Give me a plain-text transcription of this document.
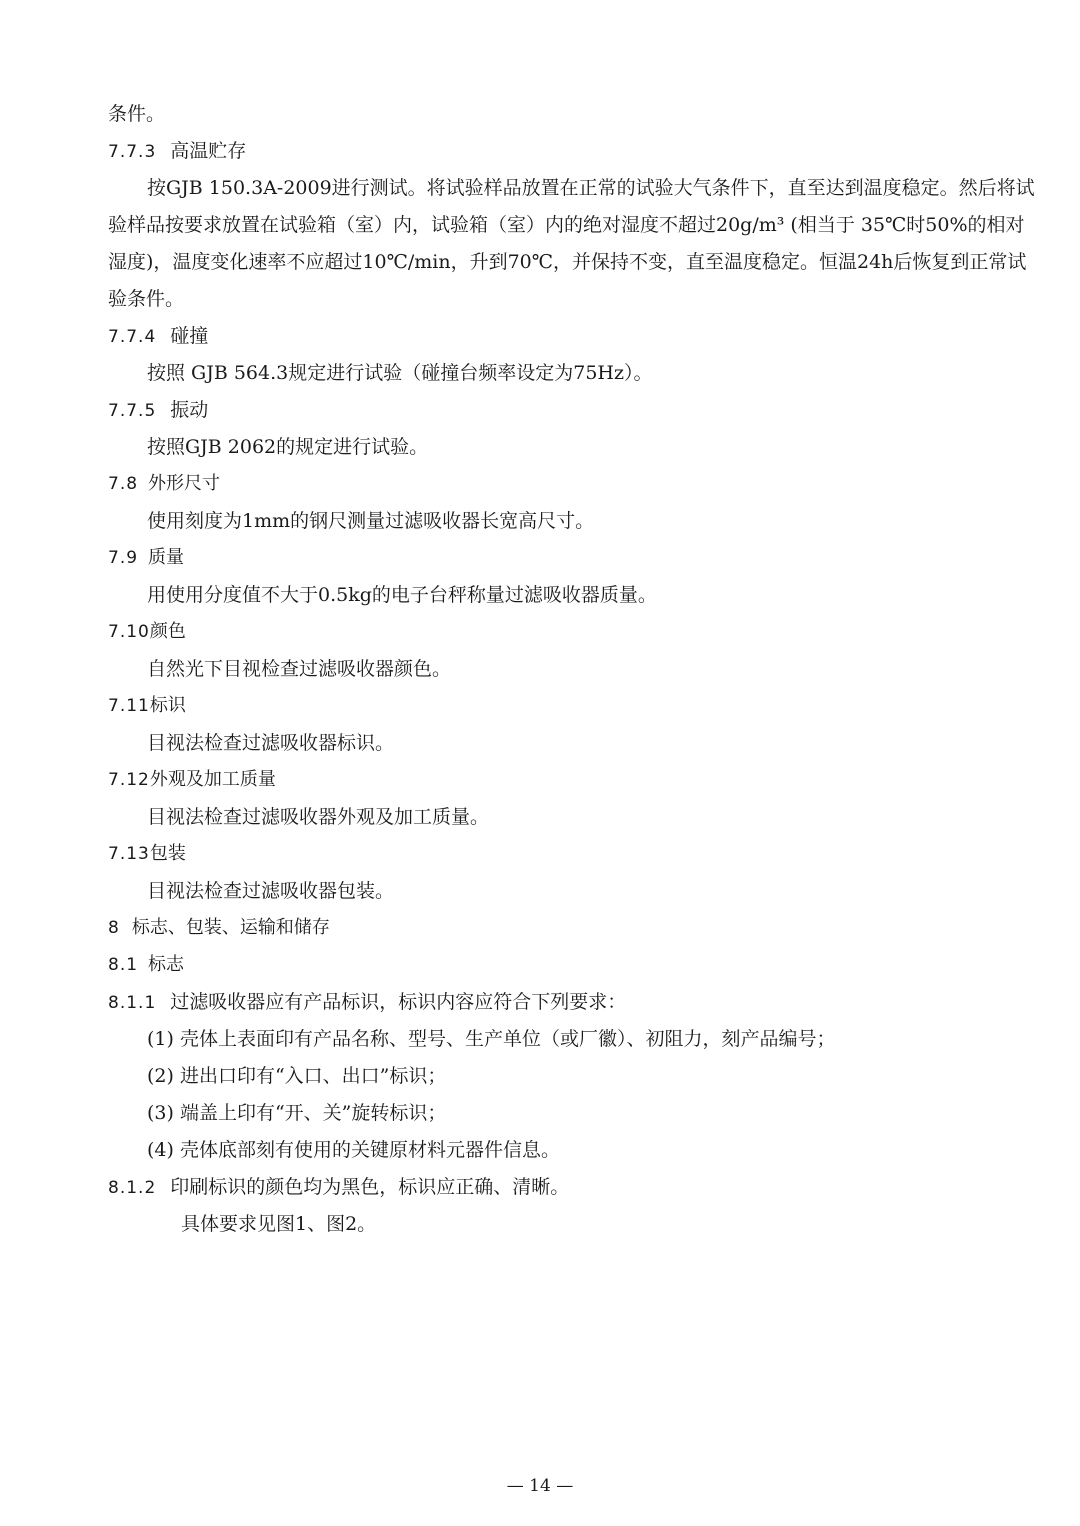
条件。
7.7.3 高温贮存
按GJB 150.3A-2009进行测试。将试验样品放置在正常的试验大气条件下，直至达到温度稳定。然后将试
验样品按要求放置在试验箱（室）内，试验箱（室）内的绝对湿度不超过20g/m³ (相当于 35℃时50%的相对
湿度)，温度变化速率不应超过10℃/min，升到70℃，并保持不变，直至温度稳定。恒温24h后恢复到正常试
验条件。
7.7.4 碰撞
按照 GJB 564.3规定进行试验（碰撞台频率设定为75Hz）。
7.7.5 振动
按照GJB 2062的规定进行试验。
7.8 外形尺寸
使用刻度为1mm的钢尺测量过滤吸收器长宽高尺寸。
7.9 质量
用使用分度值不大于0.5kg的电子台秤称量过滤吸收器质量。
7.10颜色
自然光下目视检查过滤吸收器颜色。
7.11标识
目视法检查过滤吸收器标识。
7.12外观及加工质量
目视法检查过滤吸收器外观及加工质量。
7.13包装
目视法检查过滤吸收器包装。
8 标志、包装、运输和储存
8.1 标志
8.1.1 过滤吸收器应有产品标识，标识内容应符合下列要求：
(1) 壳体上表面印有产品名称、型号、生产单位（或厂徽）、初阻力，刻产品编号；
(2) 进出口印有“入口、出口”标识；
(3) 端盖上印有“开、关”旋转标识；
(4) 壳体底部刻有使用的关键原材料元器件信息。
8.1.2 印刷标识的颜色均为黑色，标识应正确、清晰。
具体要求见图1、图2。
— 14 —
